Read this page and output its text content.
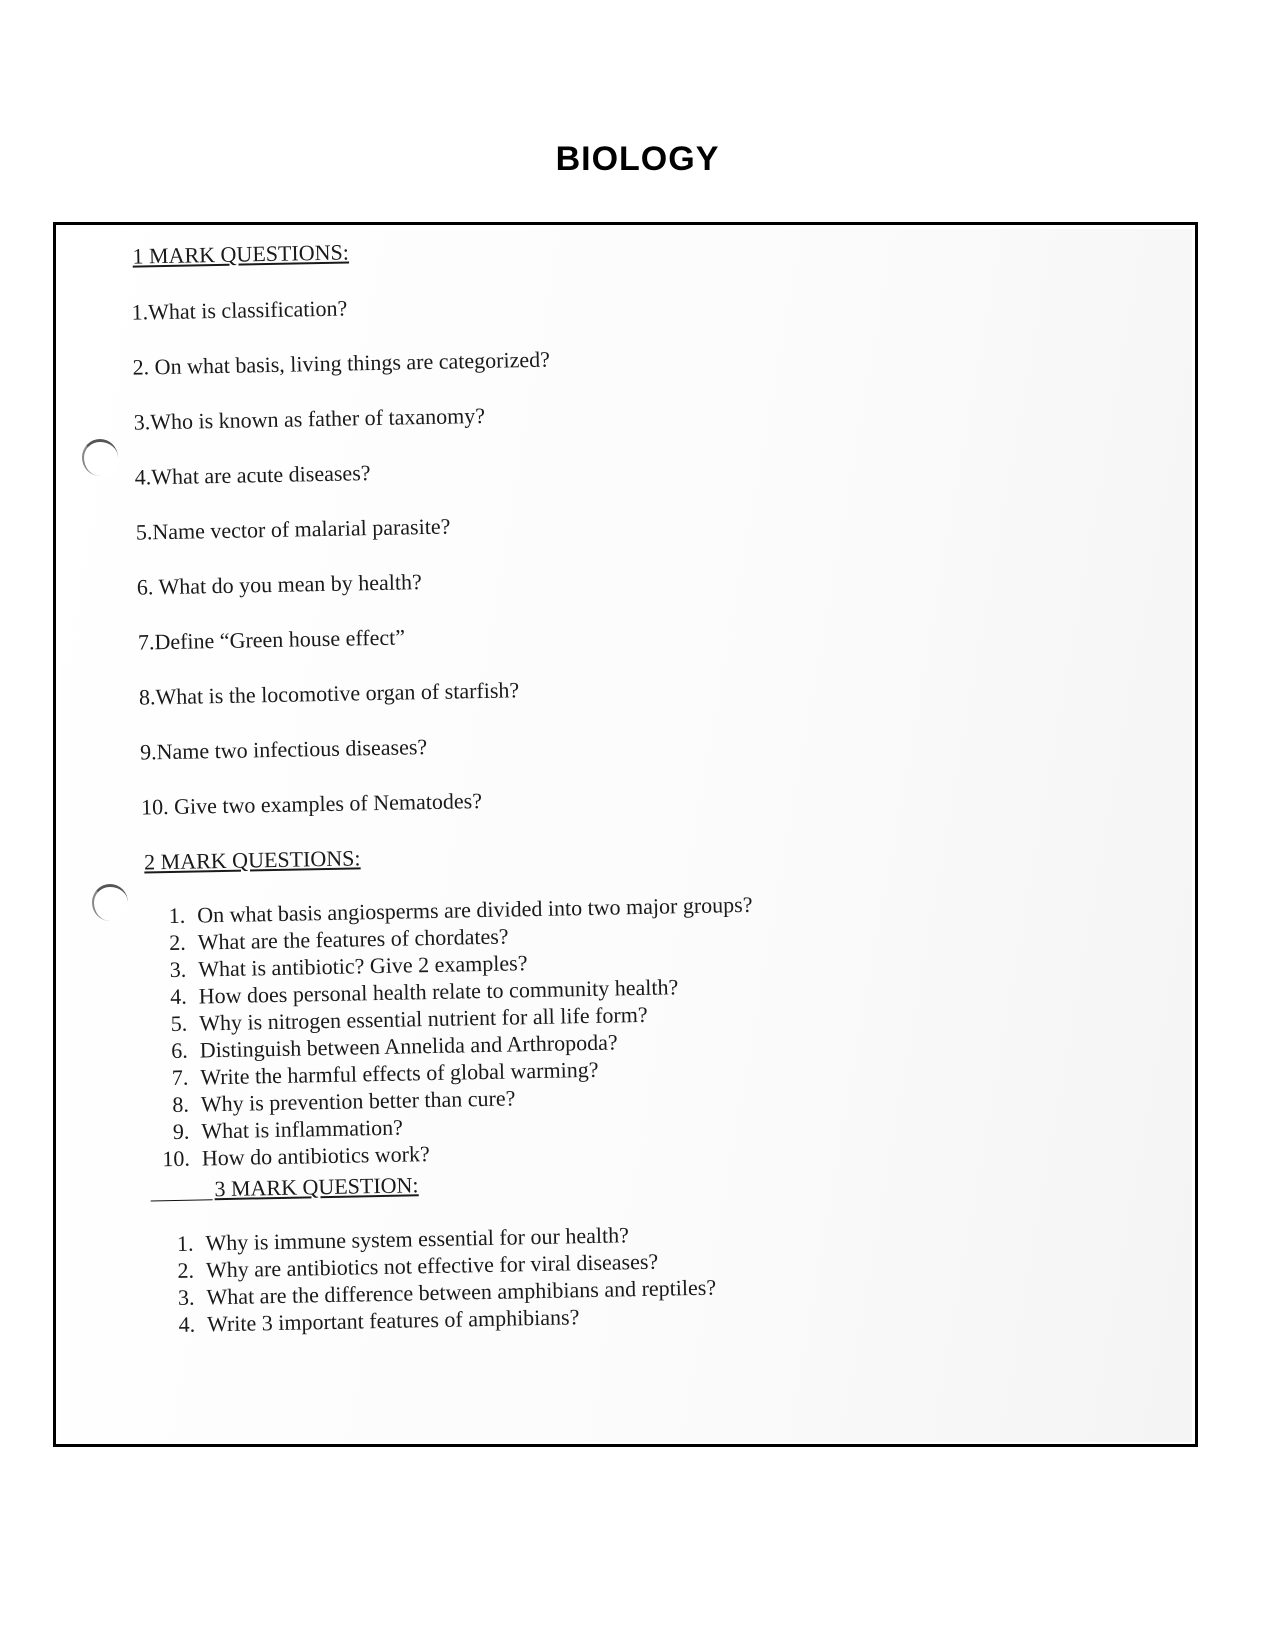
BIOLOGY
1 MARK QUESTIONS:
1.What is classification?
2. On what basis, living things are categorized?
3.Who is known as father of taxanomy?
4.What are acute diseases?
5.Name vector of malarial parasite?
6. What do you mean by health?
7.Define “Green house effect”
8.What is the locomotive organ of starfish?
9.Name two infectious diseases?
10. Give two examples of Nematodes?
2 MARK QUESTIONS:
1. On what basis angiosperms are divided into two major groups?
2. What are the features of chordates?
3. What is antibiotic? Give 2 examples?
4. How does personal health relate to community health?
5. Why is nitrogen essential nutrient for all life form?
6. Distinguish between Annelida and Arthropoda?
7. Write the harmful effects of global warming?
8. Why is prevention better than cure?
9. What is inflammation?
10. How do antibiotics work?
3 MARK QUESTION:
1. Why is immune system essential for our health?
2. Why are antibiotics not effective for viral diseases?
3. What are the difference between amphibians and reptiles?
4. Write 3 important features of amphibians?
